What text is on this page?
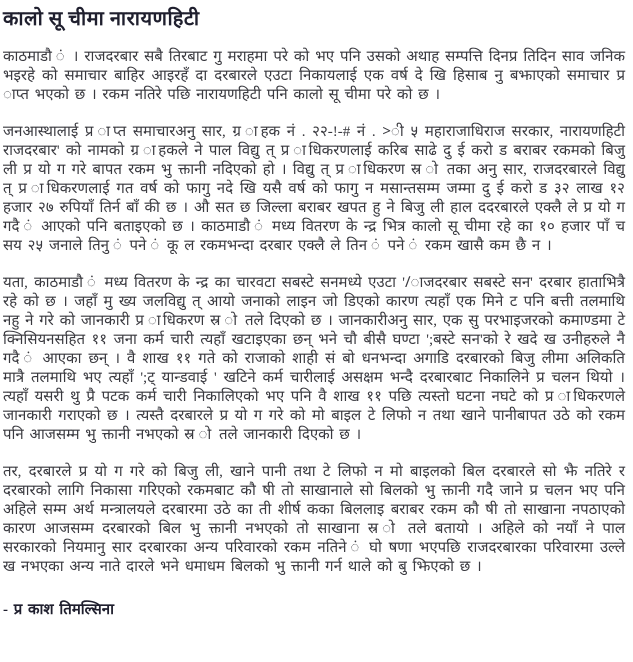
कालो सू चीमा नारायणहिटी

काठमाडौ ं । राजदरबार सबै तिरबाट गु मराहमा परे को भए पनि उसको अथाह सम्पत्ति दिनप्र तिदिन साव जनिक भइरहे को समाचार बाहिर आइरहँ दा दरबारले एउटा निकायलाई एक वर्ष दे खि हिसाब नु बझाएको समाचार प्र ाप्त भएको छ । रकम नतिरे पछि नारायणहिटी पनि कालो सू चीमा परे को छ ।

जनआस्थालाई प्र ाप्त समाचारअनु सार, ग्र ाहक नं . २२-!-# नं . >ी ५ महाराजाधिराज सरकार, नारायणहिटी राजदरबार' को नामको ग्र ाहकले ने पाल विद्यु त् प्र ाधिकरणलाई करिब साढे दु ई करो ड बराबर रकमको बिजु ली प्र यो ग गरे बापत रकम भु क्तानी नदिएको हो । विद्यु त् प्र ाधिकरण स्र ो तका अनु सार, राजदरबारले विद्यु त् प्र ाधिकरणलाई गत वर्ष को फागु नदे खि यसै वर्ष को फागु न मसान्तसम्म जम्मा दु ई करो ड ३२ लाख १२ हजार २७ रुपियाँ तिर्न बाँ की छ । औ सत छ जिल्ला बराबर खपत हु ने बिजु ली हाल ददरबारले एक्लै ले प्र यो ग गदै ं आएको पनि बताइएको छ । काठमाडौ ं मध्य वितरण के न्द्र भित्र कालो सू चीमा रहे का १० हजार पाँ च सय २५ जनाले तिनु ं पने ं कू ल रकमभन्दा दरबार एक्लै ले तिन ं पने ं रकम खासै कम छै न ।

यता, काठमाडौ ं मध्य वितरण के न्द्र का चारवटा सबस्टे सनमध्ये एउटा '/ाजदरबार सबस्टे सन' दरबार हाताभित्रै रहे को छ । जहाँ मु ख्य जलविद्यु त् आयो जनाको लाइन जो डिएको कारण त्यहाँ एक मिने ट पनि बत्ती तलमाथि नहु ने गरे को जानकारी प्र ाधिकरण स्र ो तले दिएको छ । जानकारीअनु सार, एक सु परभाइजरको कमाण्डमा टे क्निसियनसहित ११ जना कर्म चारी त्यहाँ खटाइएका छन् भने चौ बीसै घण्टा ';बस्टे सन'को रे खदे ख उनीहरुले नै गदै ं आएका छन् । वै शाख ११ गते को राजाको शाही सं बो धनभन्दा अगाडि दरबारको बिजु लीमा अलिकति मात्रै तलमाथि भए त्यहाँ ';ट् यान्डवाई ' खटिने कर्म चारीलाई असक्षम भन्दै दरबारबाट निकालिने प्र चलन थियो । त्यहाँ यसरी थु प्रै पटक कर्म चारी निकालिएको भए पनि वै शाख ११ पछि त्यस्तो घटना नघटे को प्र ाधिकरणले जानकारी गराएको छ । त्यस्तै दरबारले प्र यो ग गरे को मो बाइल टे लिफो न तथा खाने पानीबापत उठे को रकम पनि आजसम्म भु क्तानी नभएको स्र ो तले जानकारी दिएको छ ।

तर, दरबारले प्र यो ग गरे को बिजु ली, खाने पानी तथा टे लिफो न मो बाइलको बिल दरबारले सो झै नतिरे र दरबारको लागि निकासा गरिएको रकमबाट कौ षी तो साखानाले सो बिलको भु क्तानी गदै जाने प्र चलन भए पनि अहिले सम्म अर्थ मन्त्रालयले दरबारमा उठे का ती शीर्ष कका बिललाइ बराबर रकम कौ षी तो साखाना नपठाएको कारण आजसम्म दरबारको बिल भु क्तानी नभएको तो साखाना स्र ो तले बतायो । अहिले को नयाँ ने पाल सरकारको नियमानु सार दरबारका अन्य परिवारको रकम नतिने ं घो षणा भएपछि राजदरबारका परिवारमा उल्ले ख नभएका अन्य नाते दारले भने धमाधम बिलको भु क्तानी गर्न थाले को बु झिएको छ ।

- प्र काश तिमल्सिना
